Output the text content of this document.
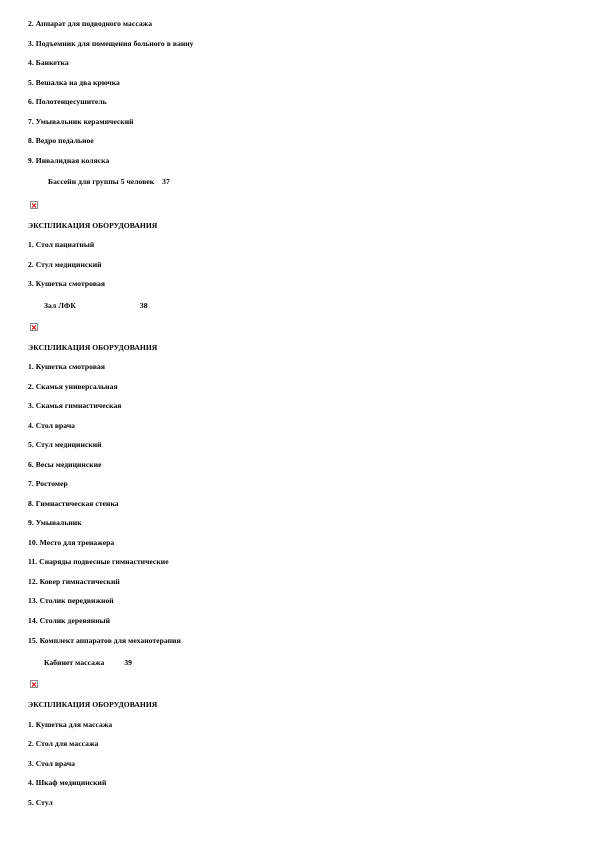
2. Аппарат для подводного массажа
3. Подъемник для помещения больного в ванну
4. Банкетка
5. Вешалка на два крючка
6. Полотенцесушитель
7. Умывальник керамический
8. Ведро педальное
9. Инвалидная коляска
Бассейн для группы 5 человек 37
ЭКСПЛИКАЦИЯ ОБОРУДОВАНИЯ
1. Стол пациатный
2. Стул медицинский
3. Кушетка смотровая
Зал ЛФК	38
ЭКСПЛИКАЦИЯ ОБОРУДОВАНИЯ
1. Кушетка смотровая
2. Скамья универсальная
3. Скамья гимнастическая
4. Стол врача
5. Стул медицинский
6. Весы медицинские
7. Ростомер
8. Гимнастическая стенка
9. Умывальник
10. Место для тренажера
11. Снаряды подвесные гимнастические
12. Ковер гимнастический
13. Столик передвижной
14. Столик деревянный
15. Комплект аппаратов для механотерапии
Кабинет массажа	39
ЭКСПЛИКАЦИЯ ОБОРУДОВАНИЯ
1. Кушетка для массажа
2. Стол для массажа
3. Стол врача
4. Шкаф медицинский
5. Стул
